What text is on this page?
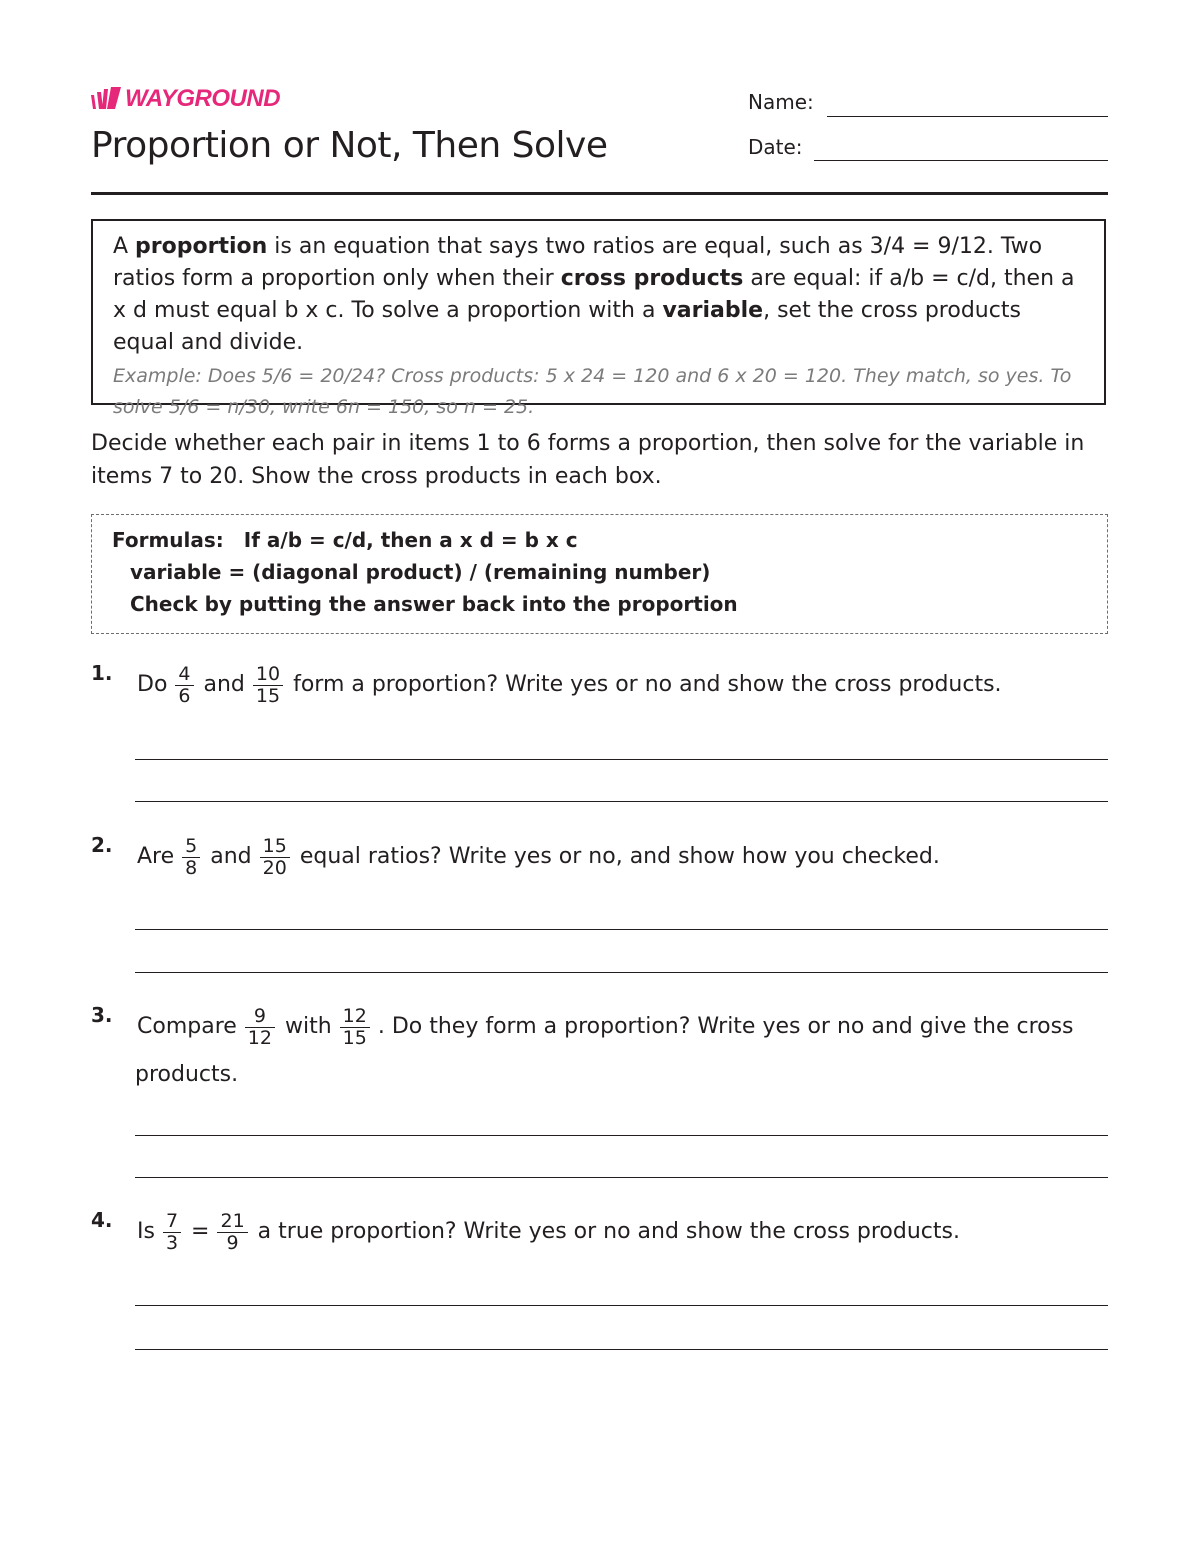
WAYGROUND
Proportion or Not, Then Solve
Name:
Date:

A proportion is an equation that says two ratios are equal, such as 3/4 = 9/12. Two ratios form a proportion only when their cross products are equal: if a/b = c/d, then a x d must equal b x c. To solve a proportion with a variable, set the cross products equal and divide.

Example: Does 5/6 = 20/24? Cross products: 5 x 24 = 120 and 6 x 20 = 120. They match, so yes. To solve 5/6 = n/30, write 6n = 150, so n = 25.

Decide whether each pair in items 1 to 6 forms a proportion, then solve for the variable in items 7 to 20. Show the cross products in each box.

Formulas: If a/b = c/d, then a x d = b x c
variable = (diagonal product) / (remaining number)
Check by putting the answer back into the proportion
1. Do $\frac{4}{6}$ and $\frac{10}{15}$ form a proportion? Write yes or no and show the cross products.
2. Are $\frac{5}{8}$ and $\frac{15}{20}$ equal ratios? Write yes or no, and show how you checked.
3. Compare $\frac{9}{12}$ with $\frac{12}{15}$ . Do they form a proportion? Write yes or no and give the cross products.
4. Is $\frac{7}{3} = \frac{21}{9}$ a true proportion? Write yes or no and show the cross products.
